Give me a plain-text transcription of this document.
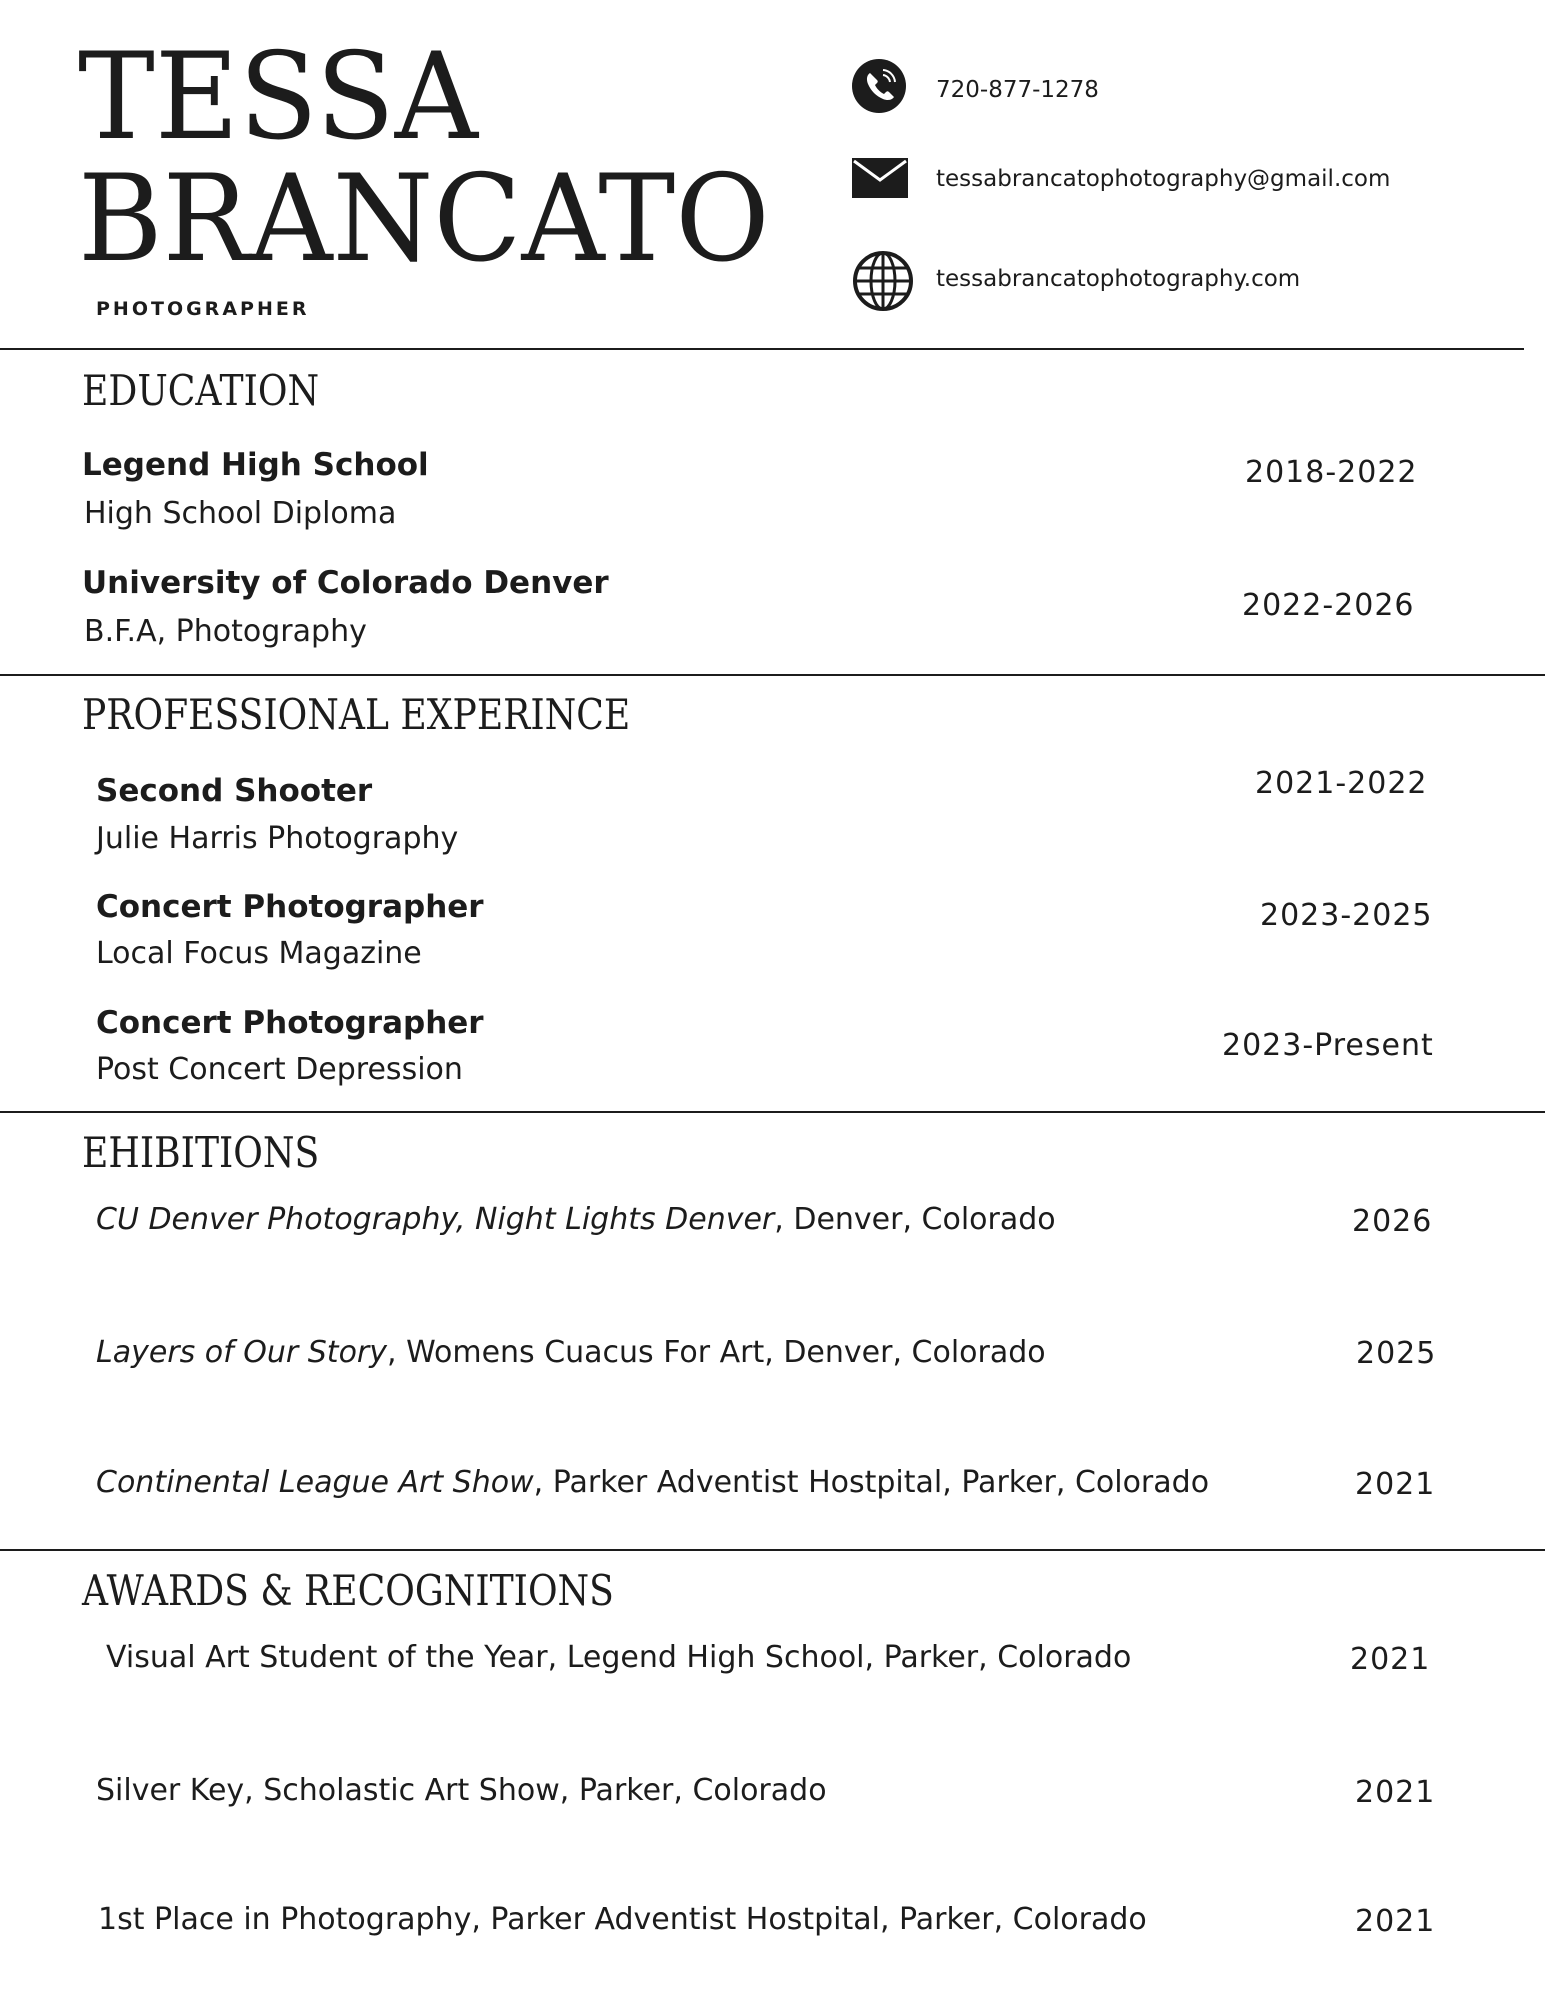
TESSA
BRANCATO
PHOTOGRAPHER
720-877-1278
tessabrancatophotography@gmail.com
tessabrancatophotography.com
EDUCATION
Legend High School
High School Diploma
2018-2022
University of Colorado Denver
B.F.A, Photography
2022-2026
PROFESSIONAL EXPERINCE
Second Shooter
Julie Harris Photography
2021-2022
Concert Photographer
Local Focus Magazine
2023-2025
Concert Photographer
Post Concert Depression
2023-Present
EHIBITIONS
CU Denver Photography, Night Lights Denver, Denver, Colorado	2026
Layers of Our Story, Womens Cuacus For Art, Denver, Colorado	2025
Continental League Art Show, Parker Adventist Hostpital, Parker, Colorado	2021
AWARDS & RECOGNITIONS
Visual Art Student of the Year, Legend High School, Parker, Colorado	2021
Silver Key, Scholastic Art Show, Parker, Colorado	2021
1st Place in Photography, Parker Adventist Hostpital, Parker, Colorado	2021
